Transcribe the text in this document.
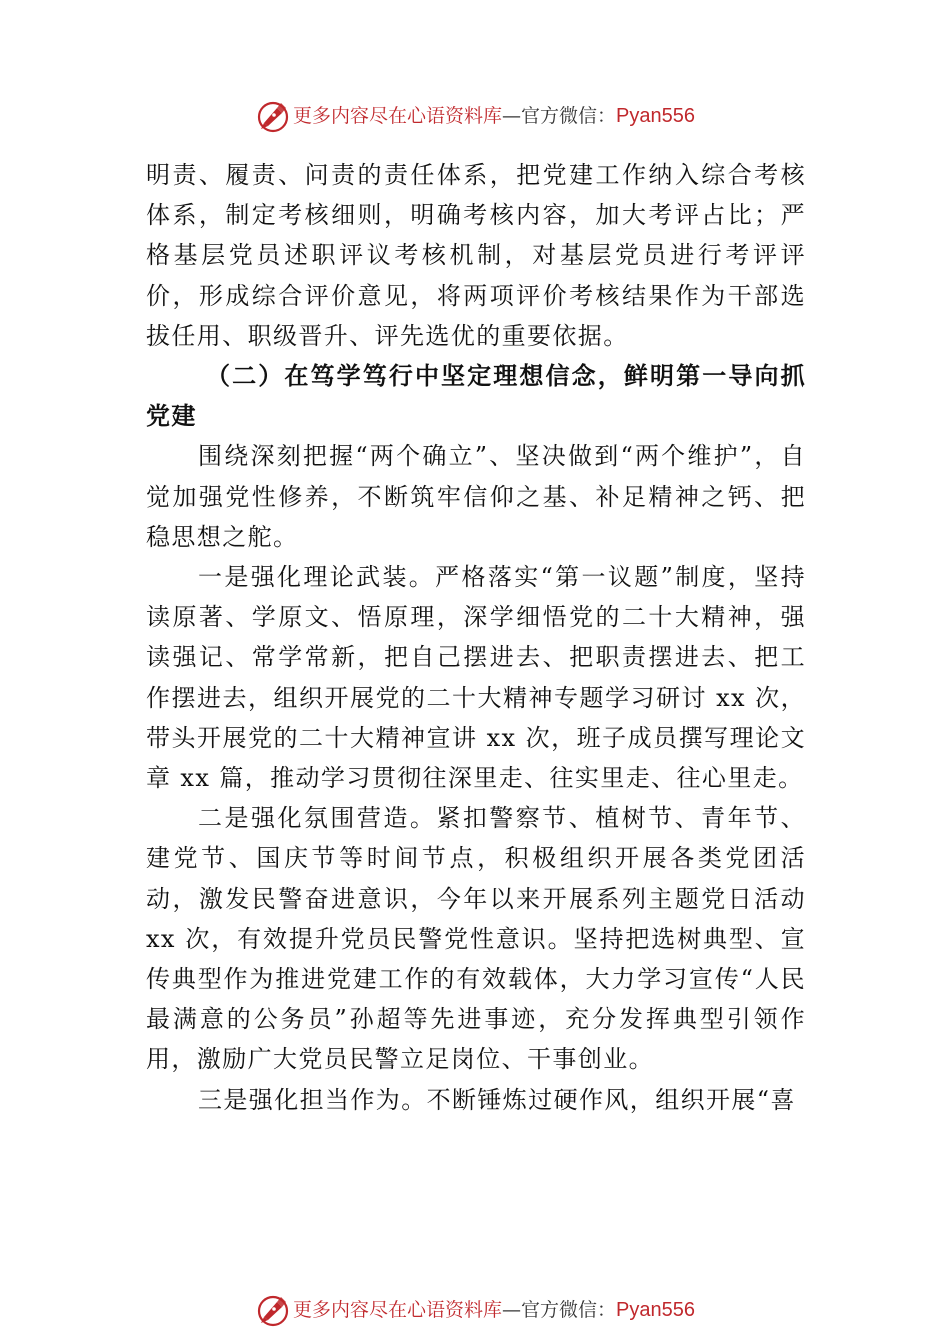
更多内容尽在心语资料库 — 官方微信： Pyan556

明责、履责、问责的责任体系，把党建工作纳入综合考核体系，制定考核细则，明确考核内容，加大考评占比；严格基层党员述职评议考核机制，对基层党员进行考评评价，形成综合评价意见，将两项评价考核结果作为干部选拔任用、职级晋升、评先选优的重要依据。

（二）在笃学笃行中坚定理想信念，鲜明第一导向抓党建

围绕深刻把握“两个确立”、坚决做到“两个维护”，自觉加强党性修养，不断筑牢信仰之基、补足精神之钙、把稳思想之舵。

一是强化理论武装。严格落实“第一议题”制度，坚持读原著、学原文、悟原理，深学细悟党的二十大精神，强读强记、常学常新，把自己摆进去、把职责摆进去、把工作摆进去，组织开展党的二十大精神专题学习研讨 xx 次，带头开展党的二十大精神宣讲 xx 次，班子成员撰写理论文章 xx 篇，推动学习贯彻往深里走、往实里走、往心里走。

二是强化氛围营造。紧扣警察节、植树节、青年节、建党节、国庆节等时间节点，积极组织开展各类党团活动，激发民警奋进意识，今年以来开展系列主题党日活动 xx 次，有效提升党员民警党性意识。坚持把选树典型、宣传典型作为推进党建工作的有效载体，大力学习宣传“人民最满意的公务员”孙超等先进事迹，充分发挥典型引领作用，激励广大党员民警立足岗位、干事创业。

三是强化担当作为。不断锤炼过硬作风，组织开展“喜

更多内容尽在心语资料库 — 官方微信： Pyan556
